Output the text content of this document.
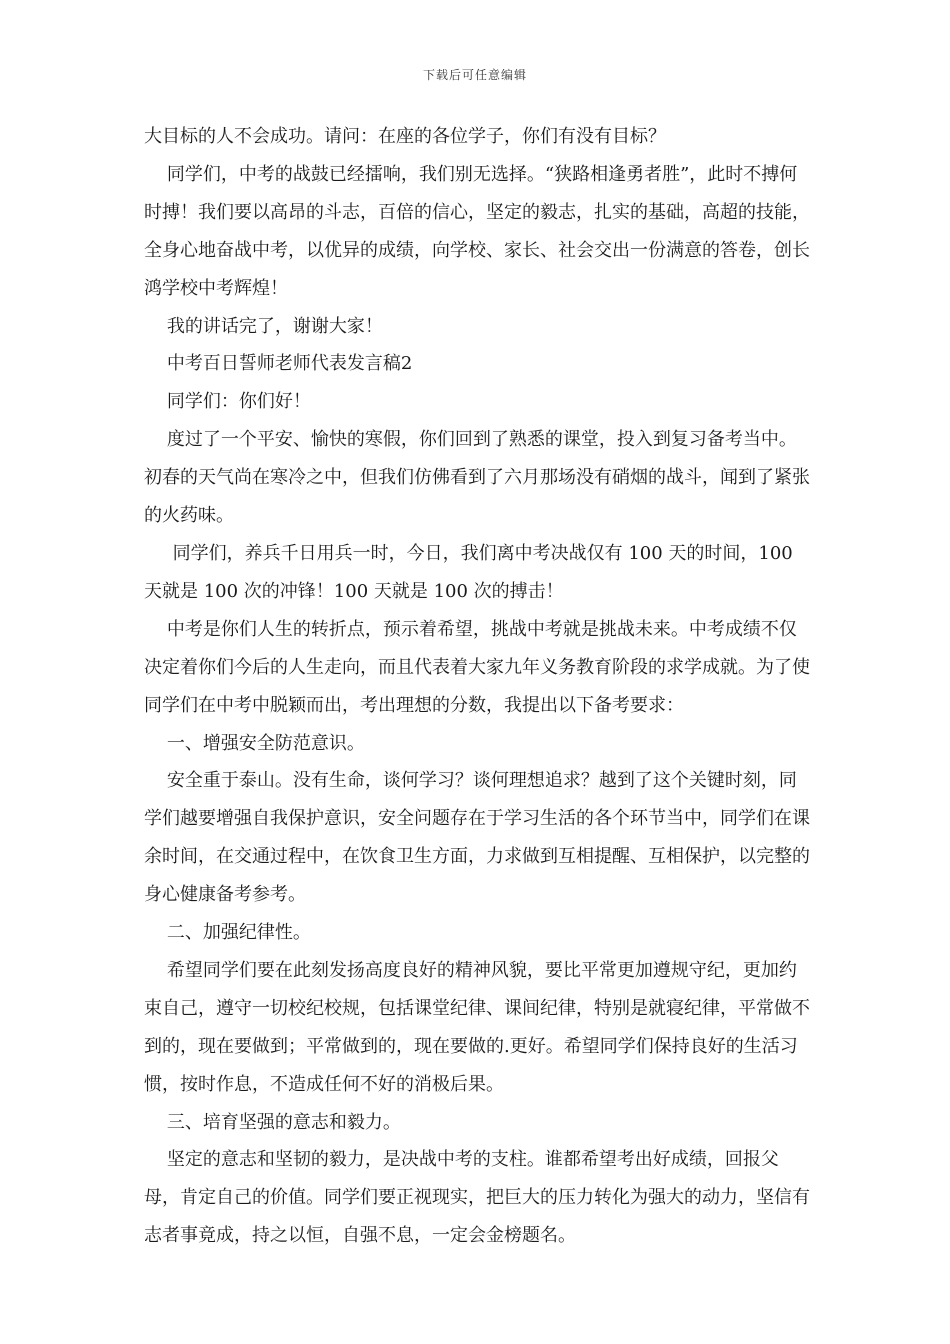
下载后可任意编辑

大目标的人不会成功。请问：在座的各位学子，你们有没有目标？

同学们，中考的战鼓已经擂响，我们别无选择。“狭路相逢勇者胜”，此时不搏何时搏！我们要以高昂的斗志，百倍的信心，坚定的毅志，扎实的基础，高超的技能，全身心地奋战中考，以优异的成绩，向学校、家长、社会交出一份满意的答卷，创长鸿学校中考辉煌！

我的讲话完了，谢谢大家！

中考百日誓师老师代表发言稿2

同学们：你们好！

度过了一个平安、愉快的寒假，你们回到了熟悉的课堂，投入到复习备考当中。初春的天气尚在寒冷之中，但我们仿佛看到了六月那场没有硝烟的战斗，闻到了紧张的火药味。

同学们，养兵千日用兵一时，今日，我们离中考决战仅有 100 天的时间，100 天就是 100 次的冲锋！100 天就是 100 次的搏击！

中考是你们人生的转折点，预示着希望，挑战中考就是挑战未来。中考成绩不仅决定着你们今后的人生走向，而且代表着大家九年义务教育阶段的求学成就。为了使同学们在中考中脱颖而出，考出理想的分数，我提出以下备考要求：

一、增强安全防范意识。

安全重于泰山。没有生命，谈何学习？谈何理想追求？越到了这个关键时刻，同学们越要增强自我保护意识，安全问题存在于学习生活的各个环节当中，同学们在课余时间，在交通过程中，在饮食卫生方面，力求做到互相提醒、互相保护，以完整的身心健康备考参考。

二、加强纪律性。

希望同学们要在此刻发扬高度良好的精神风貌，要比平常更加遵规守纪，更加约束自己，遵守一切校纪校规，包括课堂纪律、课间纪律，特别是就寝纪律，平常做不到的，现在要做到；平常做到的，现在要做的.更好。希望同学们保持良好的生活习惯，按时作息，不造成任何不好的消极后果。

三、培育坚强的意志和毅力。

坚定的意志和坚韧的毅力，是决战中考的支柱。谁都希望考出好成绩，回报父母，肯定自己的价值。同学们要正视现实，把巨大的压力转化为强大的动力，坚信有志者事竟成，持之以恒，自强不息，一定会金榜题名。
